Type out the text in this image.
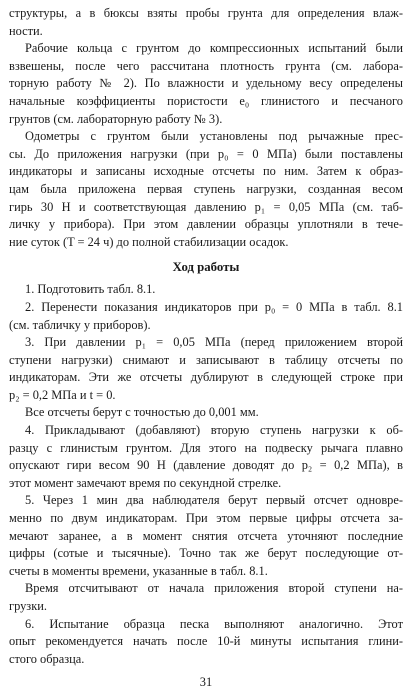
структуры, а в бюксы взяты пробы грунта для определения влаж-
ности.
Рабочие кольца с грунтом до компрессионных испытаний были
взвешены, после чего рассчитана плотность грунта (см. лабора-
торную работу № 2). По влажности и удельному весу определены
начальные коэффициенты пористости e₀ глинистого и песчаного
грунтов (см. лабораторную работу № 3).
Одометры с грунтом были установлены под рычажные прес-
сы. До приложения нагрузки (при p₀ = 0 МПа) были поставлены
индикаторы и записаны исходные отсчеты по ним. Затем к образ-
цам была приложена первая ступень нагрузки, созданная весом
гирь 30 Н и соответствующая давлению p₁ = 0,05 МПа (см. таб-
личку у прибора). При этом давлении образцы уплотняли в тече-
ние суток (T = 24 ч) до полной стабилизации осадок.
Ход работы
1. Подготовить табл. 8.1.
2. Перенести показания индикаторов при p₀ = 0 МПа в табл. 8.1
(см. табличку у приборов).
3. При давлении p₁ = 0,05 МПа (перед приложением второй
ступени нагрузки) снимают и записывают в таблицу отсчеты по
индикаторам. Эти же отсчеты дублируют в следующей строке при
p₂ = 0,2 МПа и t = 0.
Все отсчеты берут с точностью до 0,001 мм.
4. Прикладывают (добавляют) вторую ступень нагрузки к об-
разцу с глинистым грунтом. Для этого на подвеску рычага плавно
опускают гири весом 90 Н (давление доводят до p₂ = 0,2 МПа), в
этот момент замечают время по секундной стрелке.
5. Через 1 мин два наблюдателя берут первый отсчет одновре-
менно по двум индикаторам. При этом первые цифры отсчета за-
мечают заранее, а в момент снятия отсчета уточняют последние
цифры (сотые и тысячные). Точно так же берут последующие от-
счеты в моменты времени, указанные в табл. 8.1.
Время отсчитывают от начала приложения второй ступени на-
грузки.
6. Испытание образца песка выполняют аналогично. Этот
опыт рекомендуется начать после 10-й минуты испытания глини-
стого образца.
31
